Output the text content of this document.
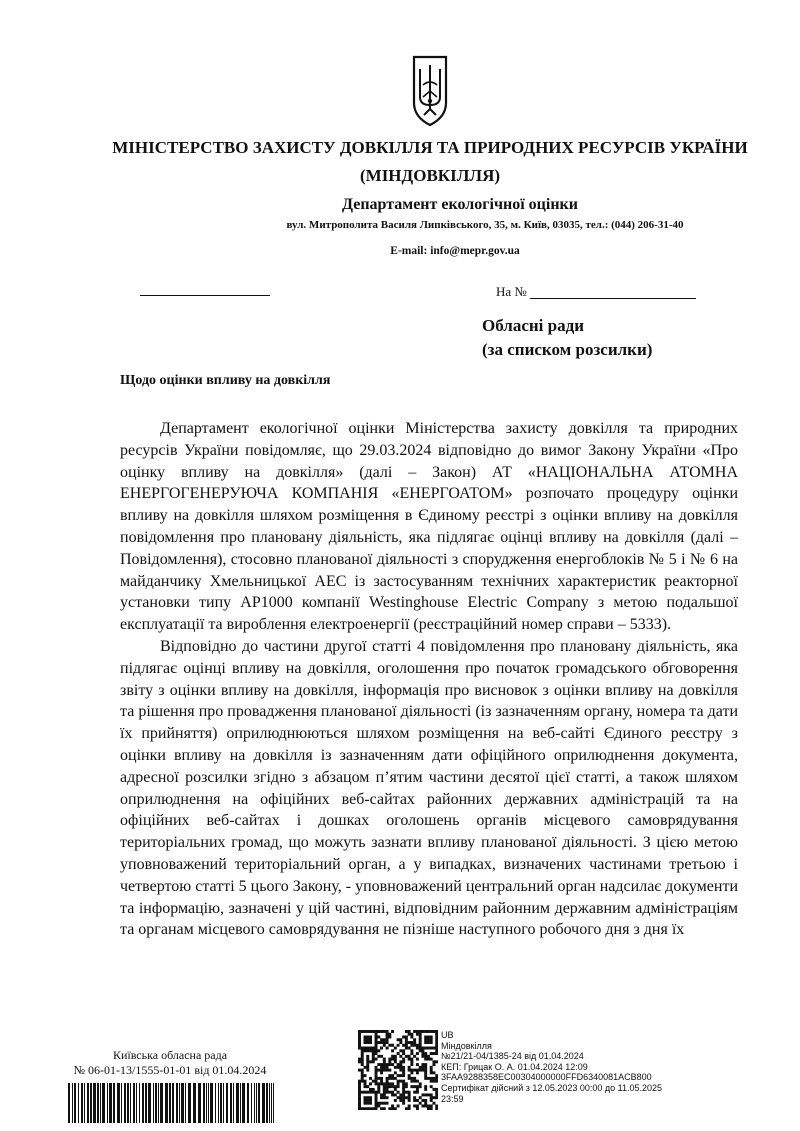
МІНІСТЕРСТВО ЗАХИСТУ ДОВКІЛЛЯ ТА ПРИРОДНИХ РЕСУРСІВ УКРАЇНИ
(МІНДОВКІЛЛЯ)
Департамент екологічної оцінки
вул. Митрополита Василя Липківського, 35, м. Київ, 03035, тел.: (044) 206-31-40
E-mail: info@mepr.gov.ua
На №
Обласні ради
(за списком розсилки)
Щодо оцінки впливу на довкілля

Департамент екологічної оцінки Міністерства захисту довкілля та природних ресурсів України повідомляє, що 29.03.2024 відповідно до вимог Закону України «Про оцінку впливу на довкілля» (далі – Закон) АТ «НАЦІОНАЛЬНА АТОМНА ЕНЕРГОГЕНЕРУЮЧА КОМПАНІЯ «ЕНЕРГОАТОМ» розпочато процедуру оцінки впливу на довкілля шляхом розміщення в Єдиному реєстрі з оцінки впливу на довкілля повідомлення про плановану діяльність, яка підлягає оцінці впливу на довкілля (далі – Повідомлення), стосовно планованої діяльності з спорудження енергоблоків № 5 і № 6 на майданчику Хмельницької АЕС із застосуванням технічних характеристик реакторної установки типу АР1000 компанії Westinghouse Electric Company з метою подальшої експлуатації та вироблення електроенергії (реєстраційний номер справи – 5333).

Відповідно до частини другої статті 4 повідомлення про плановану діяльність, яка підлягає оцінці впливу на довкілля, оголошення про початок громадського обговорення звіту з оцінки впливу на довкілля, інформація про висновок з оцінки впливу на довкілля та рішення про провадження планованої діяльності (із зазначенням органу, номера та дати їх прийняття) оприлюднюються шляхом розміщення на веб-сайті Єдиного реєстру з оцінки впливу на довкілля із зазначенням дати офіційного оприлюднення документа, адресної розсилки згідно з абзацом п’ятим частини десятої цієї статті, а також шляхом оприлюднення на офіційних веб-сайтах районних державних адміністрацій та на офіційних веб-сайтах і дошках оголошень органів місцевого самоврядування територіальних громад, що можуть зазнати впливу планованої діяльності. З цією метою уповноважений територіальний орган, а у випадках, визначених частинами третьою і четвертою статті 5 цього Закону, - уповноважений центральний орган надсилає документи та інформацію, зазначені у цій частині, відповідним районним державним адміністраціям та органам місцевого самоврядування не пізніше наступного робочого дня з дня їх

Київська обласна рада
№ 06-01-13/1555-01-01 від 01.04.2024
UB
Міндовкілля
№21/21-04/1385-24 від 01.04.2024
КЕП: Грицак О. А. 01.04.2024 12:09
3FAA9288358EC00304000000FFD6340081ACB800
Сертифікат дійсний з 12.05.2023 00:00 до 11.05.2025
23:59
